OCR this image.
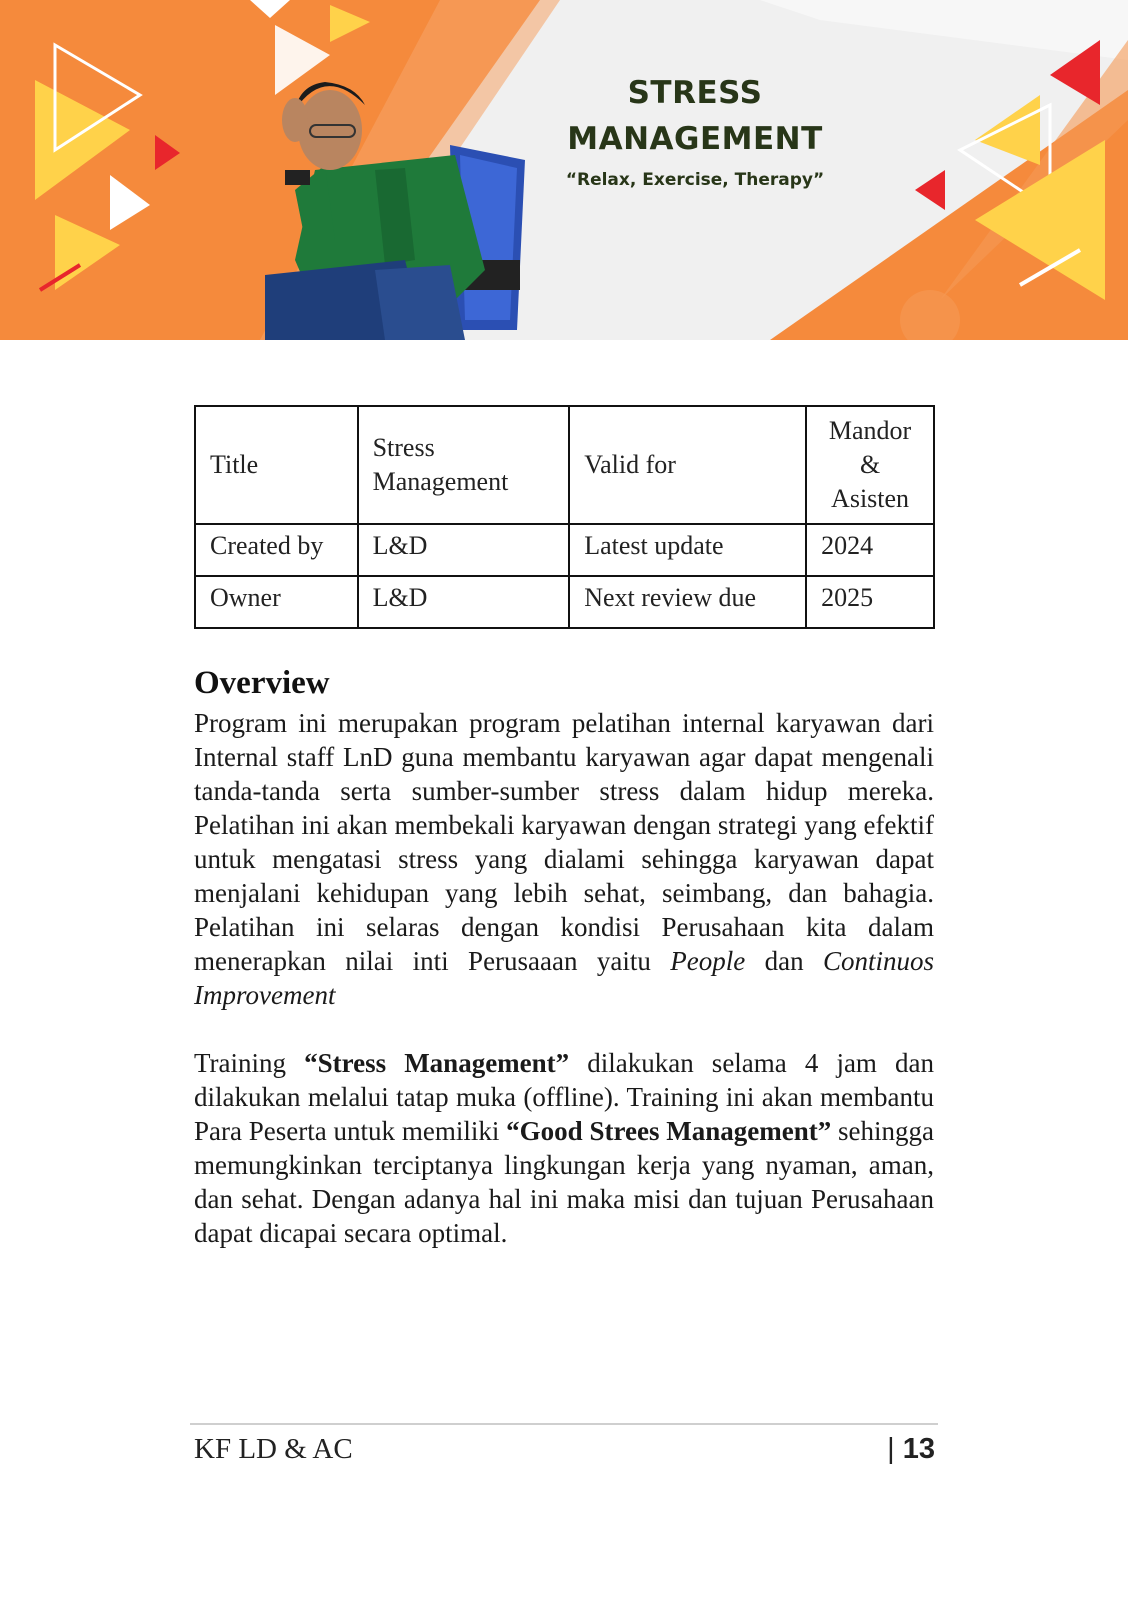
STRESS
MANAGEMENT
“Relax, Exercise, Therapy”
Title	Stress Management	Valid for	Mandor & Asisten
Created by	L&D	Latest update	2024
Owner	L&D	Next review due	2025
Overview
Program ini merupakan program pelatihan internal karyawan dari Internal staff LnD guna membantu karyawan agar dapat mengenali tanda-tanda serta sumber-sumber stress dalam hidup mereka. Pelatihan ini akan membekali karyawan dengan strategi yang efektif untuk mengatasi stress yang dialami sehingga karyawan dapat menjalani kehidupan yang lebih sehat, seimbang, dan bahagia. Pelatihan ini selaras dengan kondisi Perusahaan kita dalam menerapkan nilai inti Perusaaan yaitu People dan Continuos Improvement
Training “Stress Management” dilakukan selama 4 jam dan dilakukan melalui tatap muka (offline). Training ini akan membantu Para Peserta untuk memiliki “Good Strees Management” sehingga memungkinkan terciptanya lingkungan kerja yang nyaman, aman, dan sehat. Dengan adanya hal ini maka misi dan tujuan Perusahaan dapat dicapai secara optimal.
KF LD & AC	| 13
